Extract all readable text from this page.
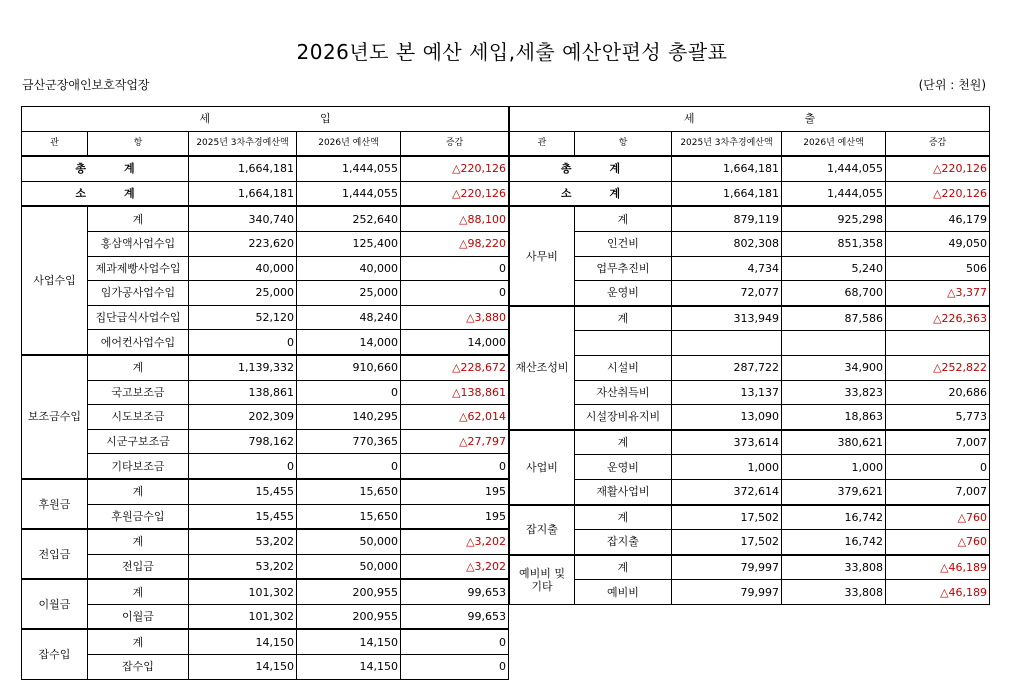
2026년도 본 예산 세입,세출 예산안편성 총괄표
금산군장애인보호작업장	(단위 : 천원)
세 입				
관	항	2025년 3차추경예산액	2026년 예산액	증감
총 계		1,664,181	1,444,055	△220,126
소 계		1,664,181	1,444,055	△220,126
사업수입	계	340,740	252,640	△88,100
	홍삼액사업수입	223,620	125,400	△98,220
	제과제빵사업수입	40,000	40,000	0
	임가공사업수입	25,000	25,000	0
	집단급식사업수입	52,120	48,240	△3,880
	에어컨사업수입	0	14,000	14,000
보조금수입	계	1,139,332	910,660	△228,672
	국고보조금	138,861	0	△138,861
	시도보조금	202,309	140,295	△62,014
	시군구보조금	798,162	770,365	△27,797
	기타보조금	0	0	0
후원금	계	15,455	15,650	195
	후원금수입	15,455	15,650	195
전입금	계	53,202	50,000	△3,202
	전입금	53,202	50,000	△3,202
이월금	계	101,302	200,955	99,653
	이월금	101,302	200,955	99,653
잡수입	계	14,150	14,150	0
	잡수입	14,150	14,150	0
세 출				
관	항	2025년 3차추경예산액	2026년 예산액	증감
총 계		1,664,181	1,444,055	△220,126
소 계		1,664,181	1,444,055	△220,126
사무비	계	879,119	925,298	46,179
	인건비	802,308	851,358	49,050
	업무추진비	4,734	5,240	506
	운영비	72,077	68,700	△3,377
재산조성비	계	313,949	87,586	△226,363

	시설비	287,722	34,900	△252,822
	자산취득비	13,137	33,823	20,686
	시설장비유지비	13,090	18,863	5,773
사업비	계	373,614	380,621	7,007
	운영비	1,000	1,000	0
	재활사업비	372,614	379,621	7,007
잡지출	계	17,502	16,742	△760
	잡지출	17,502	16,742	△760
예비비 및 기타	계	79,997	33,808	△46,189
	예비비	79,997	33,808	△46,189
